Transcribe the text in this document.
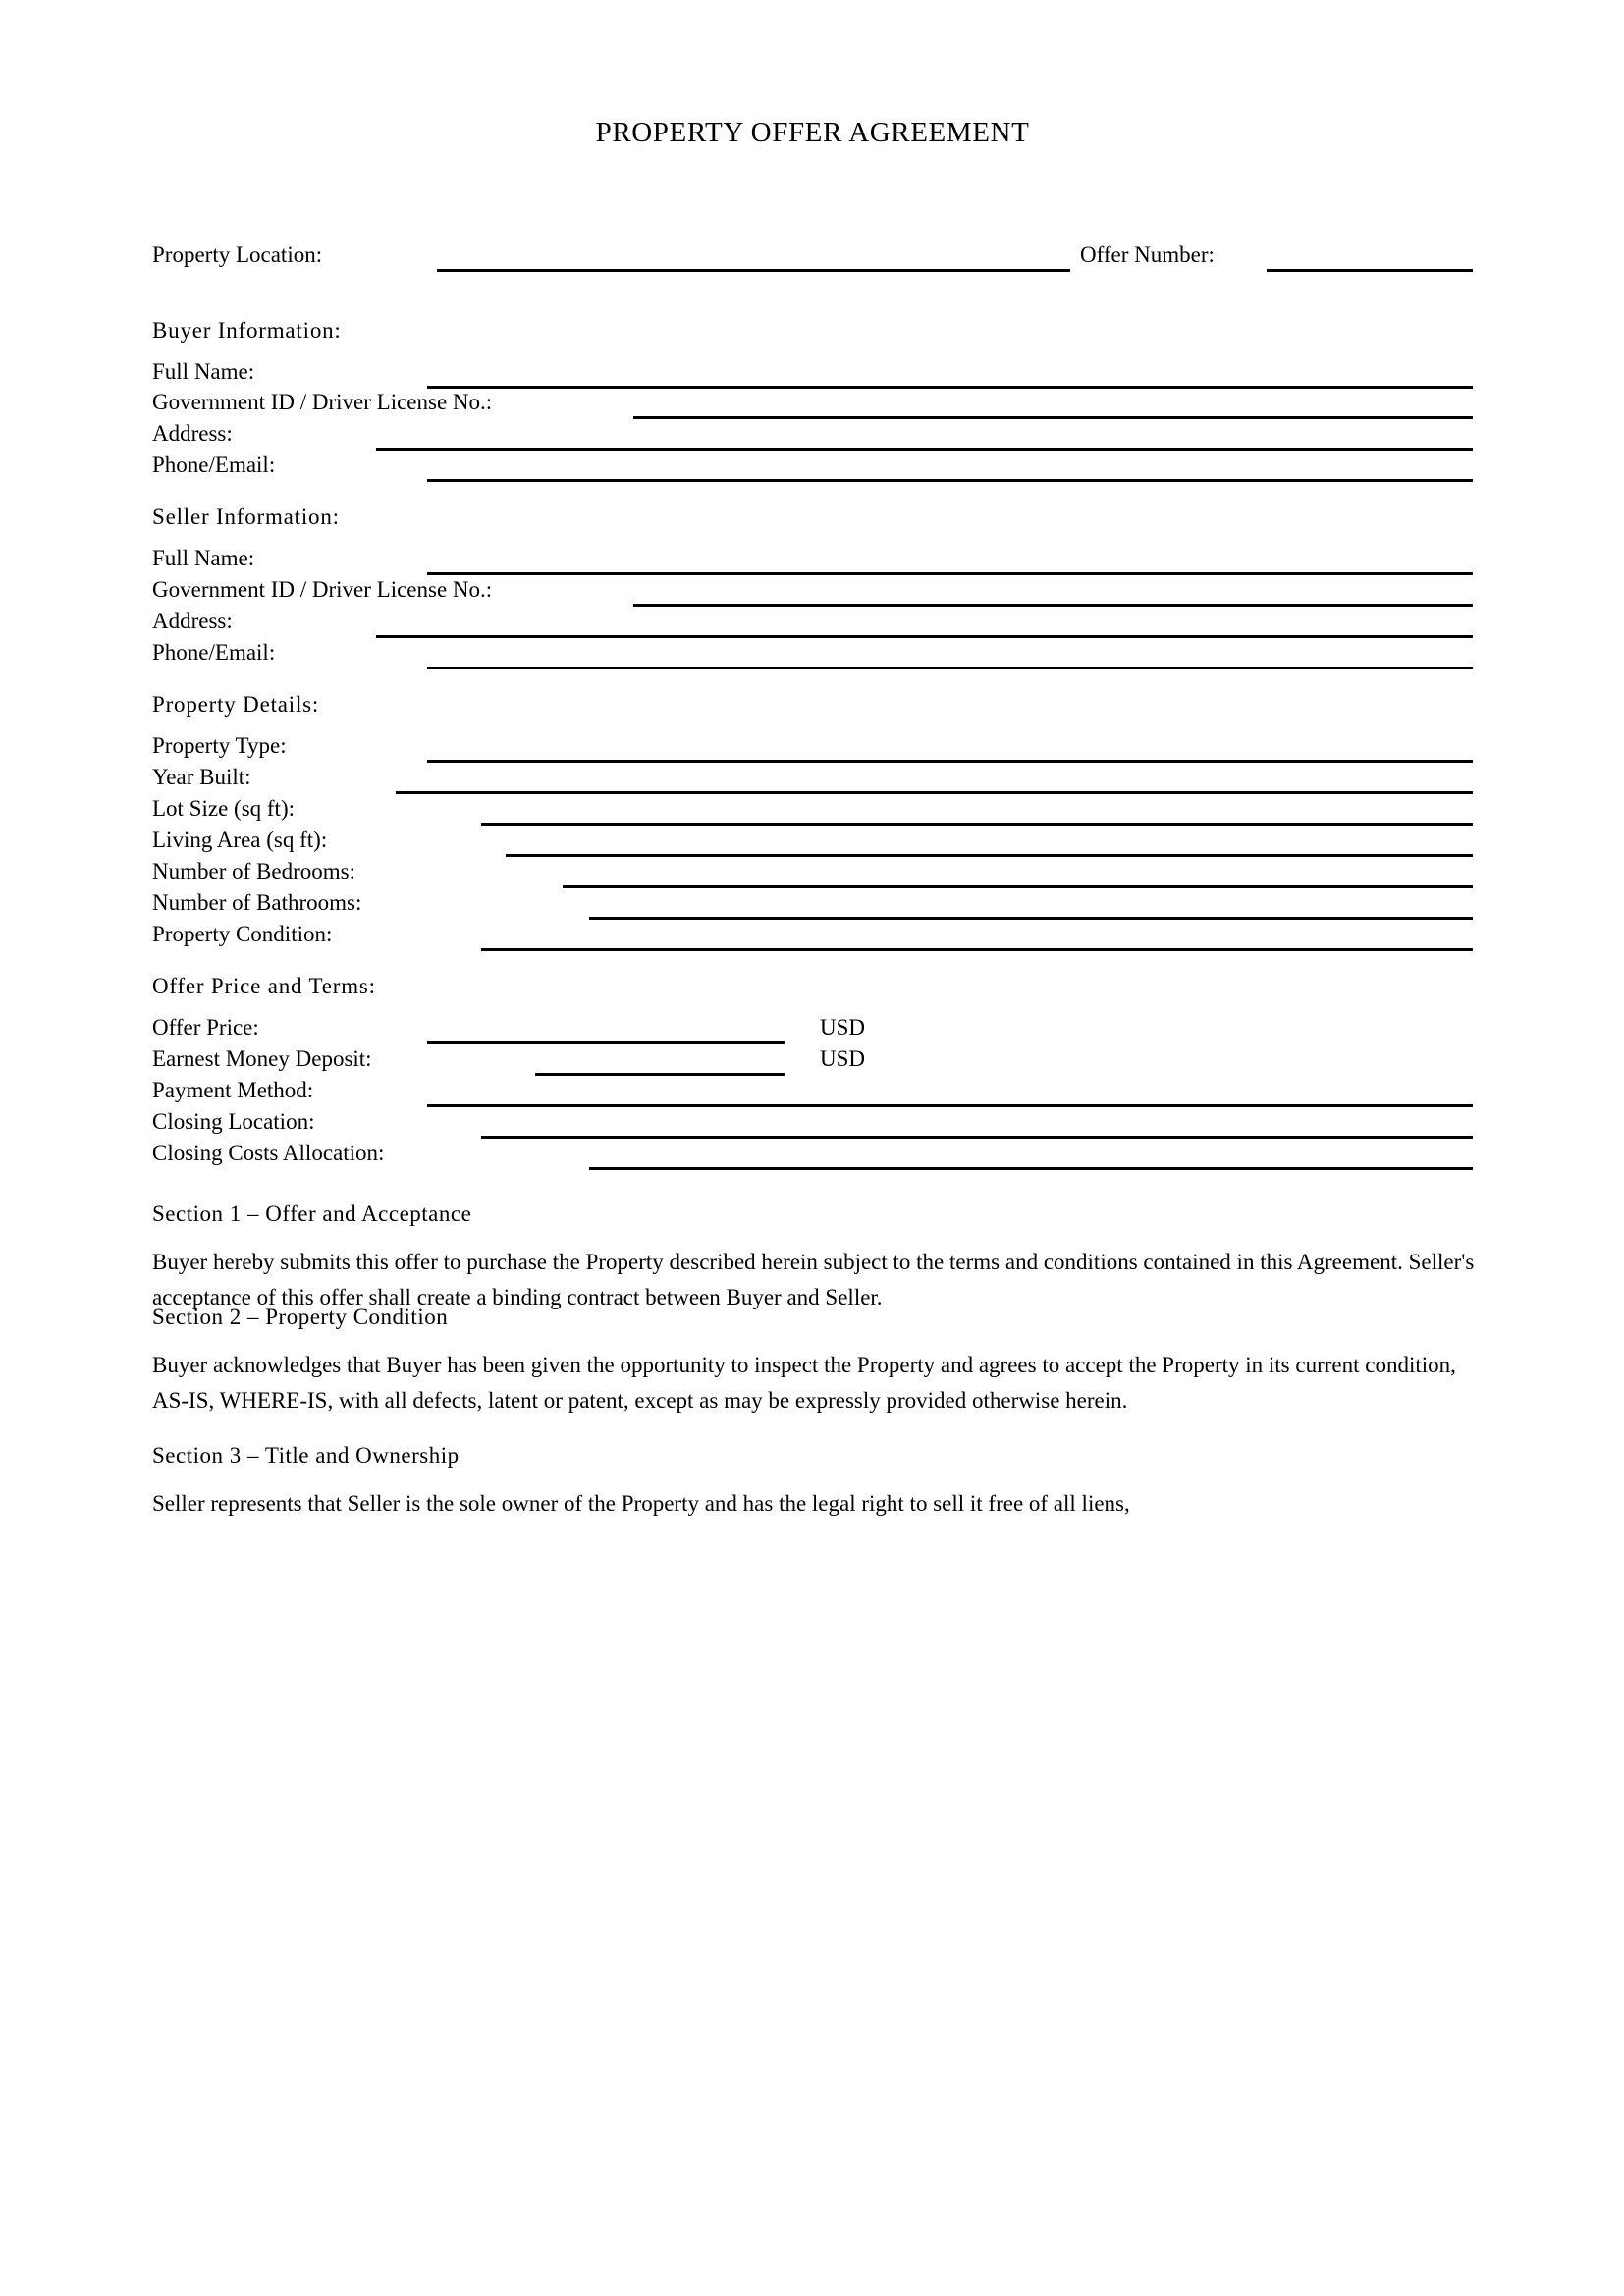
PROPERTY OFFER AGREEMENT
Property Location:	Offer Number:
Buyer Information:
Full Name:
Government ID / Driver License No.:
Address:
Phone/Email:
Seller Information:
Full Name:
Government ID / Driver License No.:
Address:
Phone/Email:
Property Details:
Property Type:
Year Built:
Lot Size (sq ft):
Living Area (sq ft):
Number of Bedrooms:
Number of Bathrooms:
Property Condition:
Offer Price and Terms:
Offer Price:	USD
Earnest Money Deposit:	USD
Payment Method:
Closing Location:
Closing Costs Allocation:

Section 1 – Offer and Acceptance

Buyer hereby submits this offer to purchase the Property described herein subject to the terms and conditions contained in this Agreement. Seller's acceptance of this offer shall create a binding contract between Buyer and Seller.

Section 2 – Property Condition

Buyer acknowledges that Buyer has been given the opportunity to inspect the Property and agrees to accept the Property in its current condition, AS-IS, WHERE-IS, with all defects, latent or patent, except as may be expressly provided otherwise herein.

Section 3 – Title and Ownership

Seller represents that Seller is the sole owner of the Property and has the legal right to sell it free of all liens,
